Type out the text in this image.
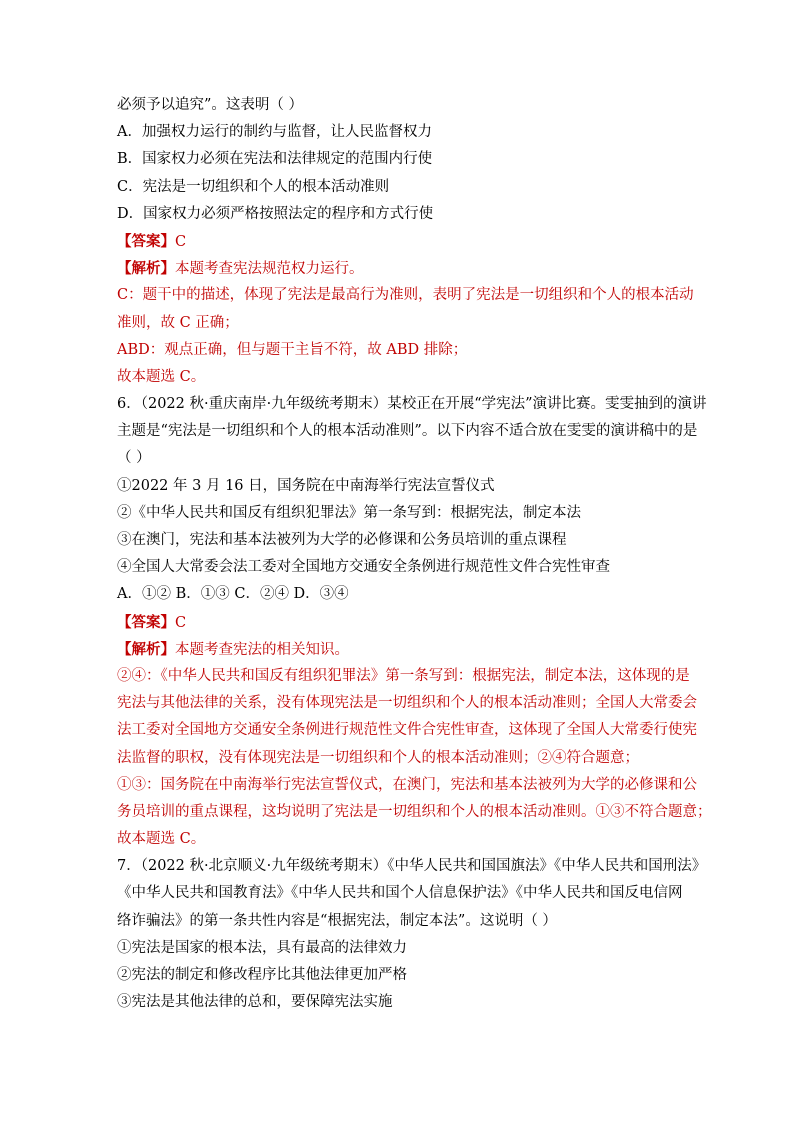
必须予以追究”。这表明（ ）
A．加强权力运行的制约与监督，让人民监督权力
B．国家权力必须在宪法和法律规定的范围内行使
C．宪法是一切组织和个人的根本活动准则
D．国家权力必须严格按照法定的程序和方式行使
【答案】C
【解析】本题考查宪法规范权力运行。
C：题干中的描述，体现了宪法是最高行为准则，表明了宪法是一切组织和个人的根本活动
准则，故 C 正确；
ABD：观点正确，但与题干主旨不符，故 ABD 排除；
故本题选 C。
6．（2022 秋·重庆南岸·九年级统考期末）某校正在开展“学宪法”演讲比赛。雯雯抽到的演讲
主题是“宪法是一切组织和个人的根本活动准则”。以下内容不适合放在雯雯的演讲稿中的是
（ ）
①2022 年 3 月 16 日，国务院在中南海举行宪法宣誓仪式
②《中华人民共和国反有组织犯罪法》第一条写到：根据宪法，制定本法
③在澳门，宪法和基本法被列为大学的必修课和公务员培训的重点课程
④全国人大常委会法工委对全国地方交通安全条例进行规范性文件合宪性审查
A．①② B．①③ C．②④ D．③④
【答案】C
【解析】本题考查宪法的相关知识。
②④：《中华人民共和国反有组织犯罪法》第一条写到：根据宪法，制定本法，这体现的是
宪法与其他法律的关系，没有体现宪法是一切组织和个人的根本活动准则；全国人大常委会
法工委对全国地方交通安全条例进行规范性文件合宪性审查，这体现了全国人大常委行使宪
法监督的职权，没有体现宪法是一切组织和个人的根本活动准则；②④符合题意；
①③：国务院在中南海举行宪法宣誓仪式，在澳门，宪法和基本法被列为大学的必修课和公
务员培训的重点课程，这均说明了宪法是一切组织和个人的根本活动准则。①③不符合题意；
故本题选 C。
7．（2022 秋·北京顺义·九年级统考期末）《中华人民共和国国旗法》《中华人民共和国刑法》
《中华人民共和国教育法》《中华人民共和国个人信息保护法》《中华人民共和国反电信网
络诈骗法》的第一条共性内容是“根据宪法，制定本法”。这说明（ ）
①宪法是国家的根本法，具有最高的法律效力
②宪法的制定和修改程序比其他法律更加严格
③宪法是其他法律的总和，要保障宪法实施
